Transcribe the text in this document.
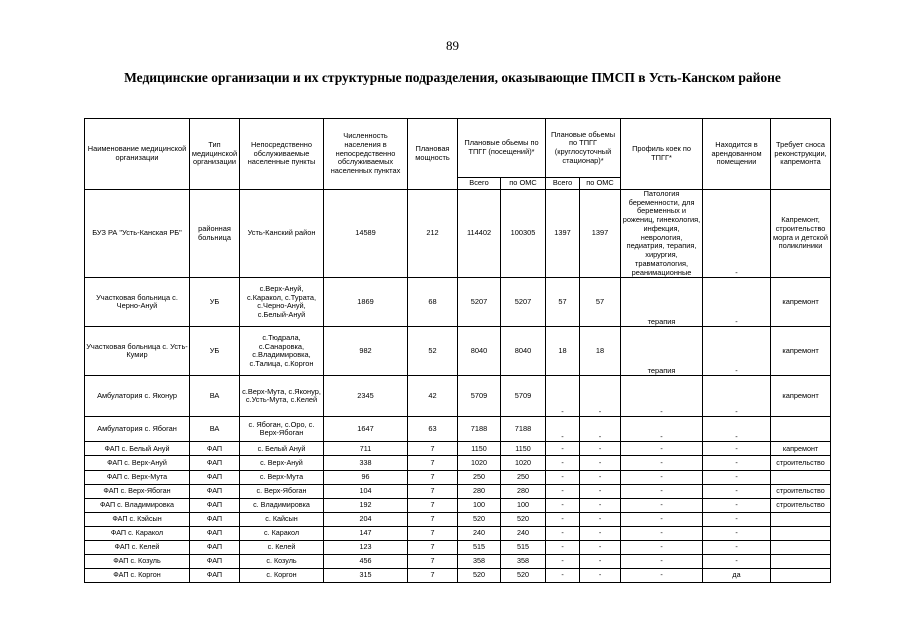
89
Медицинские организации и их структурные подразделения, оказывающие ПМСП в Усть-Канском районе
Наименование медицинской организации	Тип медицинской организации	Непосредственно обслуживаемые населенные пункты	Численность населения в непосредственно обслуживаемых населенных пунктах	Плановая мощность	Плановые обьемы по ТПГГ (посещений)*		Плановые обьемы по ТПГГ (круглосуточный стационар)*		Профиль коек по ТПГГ*	Находится в арендованном помещении	Требует сноса реконструкции, капремонта
					Всего	по ОМС	Всего	по ОМС			
БУЗ РА "Усть-Канская РБ"	районная больница	Усть-Канский район	14589	212	114402	100305	1397	1397	Патология беременности, для беременных и рожениц, гинекология, инфекция, неврология, педиатрия, терапия, хирургия, травматология, реанимационные	-	Капремонт, строительство морга и детской поликлиники
Участковая больница с. Черно-Ануй	УБ	с.Верх-Ануй, с.Каракол, с.Турата, с.Черно-Ануй, с.Белый-Ануй	1869	68	5207	5207	57	57	терапия	-	капремонт
Участковая больница с. Усть-Кумир	УБ	с.Тюдрала, с.Санаровка, с.Владимировка, с.Талица, с.Коргон	982	52	8040	8040	18	18	терапия	-	капремонт
Амбулатория с. Яконур	ВА	с.Верх-Мута, с.Яконур, с.Усть-Мута, с.Келей	2345	42	5709	5709	-	-	-	-	капремонт
Амбулатория с. Ябоган	ВА	с. Ябоган, с.Оро, с. Верх-Ябоган	1647	63	7188	7188	-	-	-	-	
ФАП с. Белый Ануй	ФАП	с. Белый Ануй	711	7	1150	1150	-	-	-	-	капремонт
ФАП с. Верх-Ануй	ФАП	с. Верх-Ануй	338	7	1020	1020	-	-	-	-	строительство
ФАП с. Верх-Мута	ФАП	с. Верх-Мута	96	7	250	250	-	-	-	-	
ФАП с. Верх-Ябоган	ФАП	с. Верх-Ябоган	104	7	280	280	-	-	-	-	строительство
ФАП с. Владимировка	ФАП	с. Владимировка	192	7	100	100	-	-	-	-	строительство
ФАП с. Кэйсын	ФАП	с. Кайсын	204	7	520	520	-	-	-	-	
ФАП с. Каракол	ФАП	с. Каракол	147	7	240	240	-	-	-	-	
ФАП с. Келей	ФАП	с. Келей	123	7	515	515	-	-	-	-	
ФАП с. Козуль	ФАП	с. Козуль	456	7	358	358	-	-	-	-	
ФАП с. Коргон	ФАП	с. Коргон	315	7	520	520	-	-	-	да	
